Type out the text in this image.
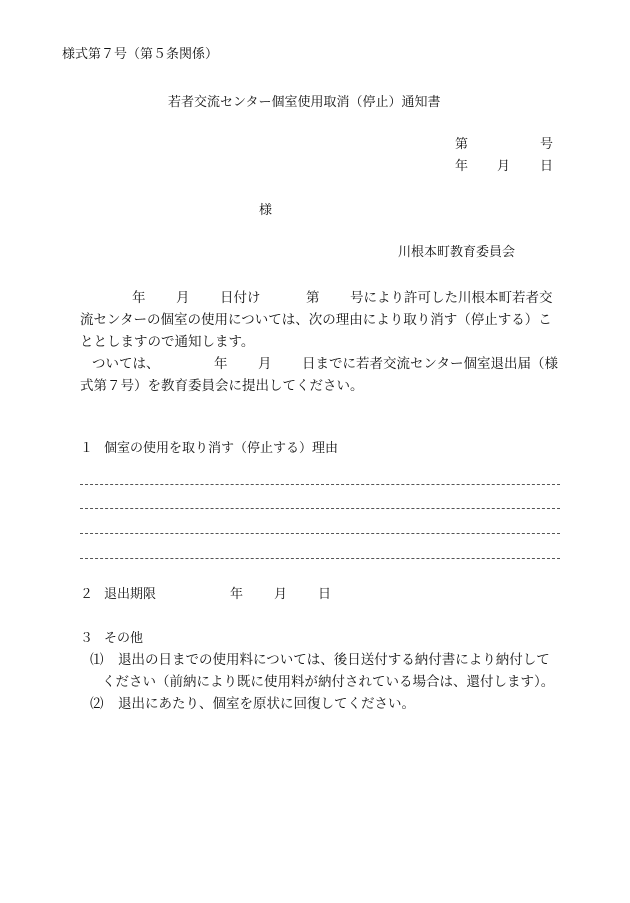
様式第７号（第５条関係）
若者交流センター個室使用取消（停止）通知書
第	号
年 月 日
様
川根本町教育委員会
年 月 日付け	第 号により許可した川根本町若者交
流センターの個室の使用については、次の理由により取り消す（停止する）こ
ととしますので通知します。
ついては、	年 月 日までに若者交流センター個室退出届（様
式第７号）を教育委員会に提出してください。
１ 個室の使用を取り消す（停止する）理由
２ 退出期限	年 月 日
３ その他
⑴ 退出の日までの使用料については、後日送付する納付書により納付して
ください（前納により既に使用料が納付されている場合は、還付します）。
⑵ 退出にあたり、個室を原状に回復してください。
